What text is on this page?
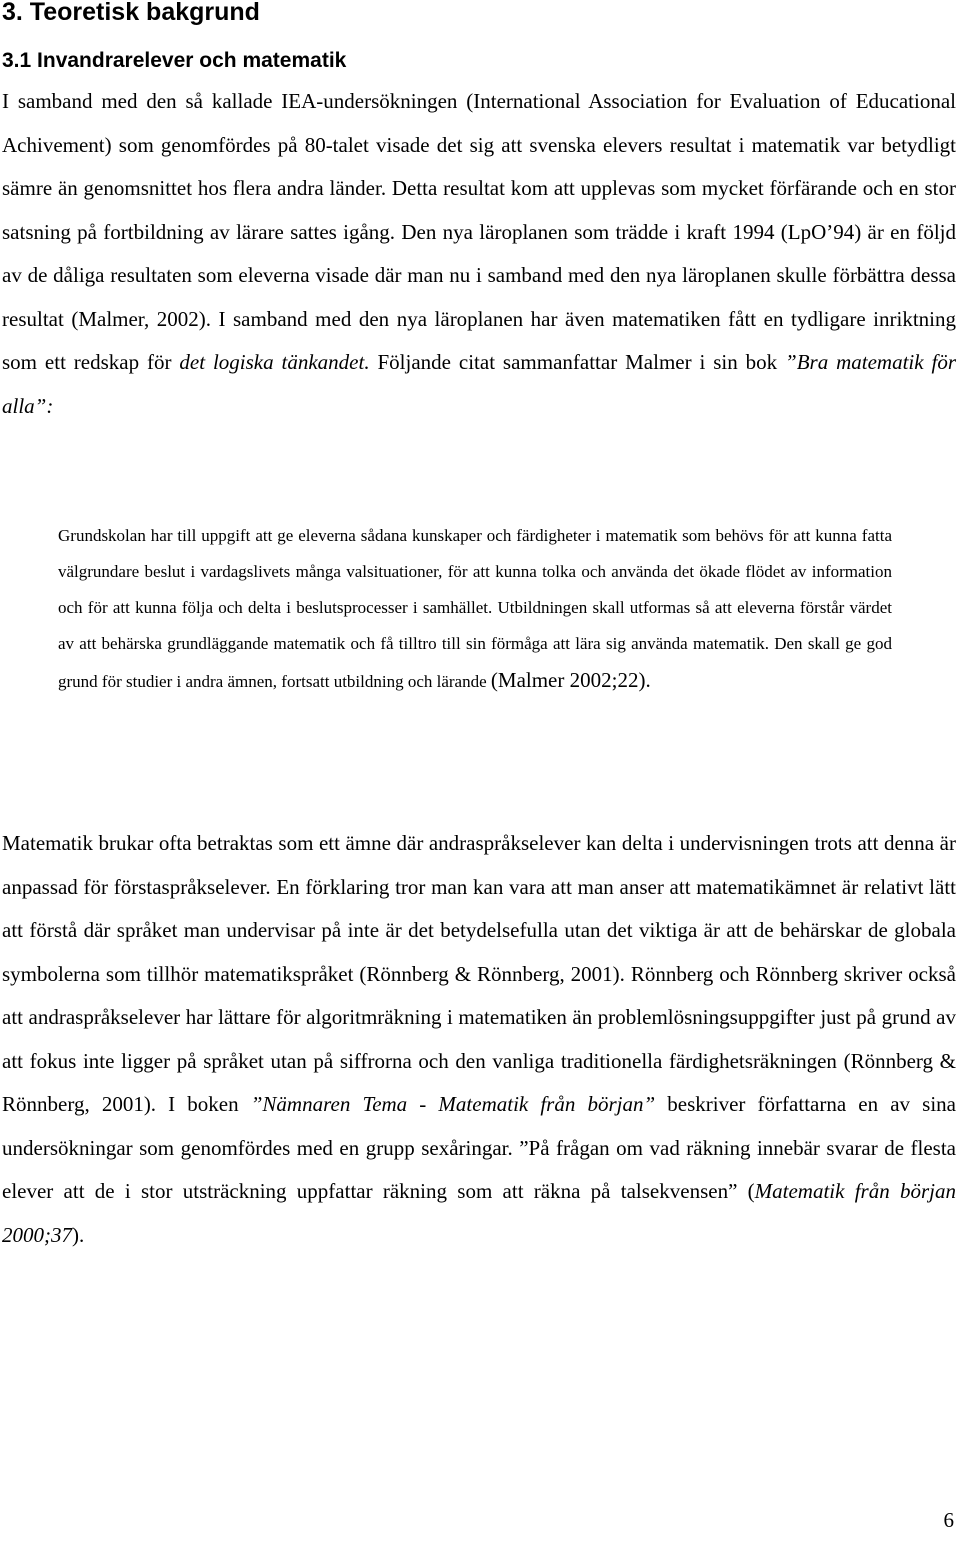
3. Teoretisk bakgrund
3.1 Invandrarelever och matematik
I samband med den så kallade IEA-undersökningen (International Association for Evaluation of Educational Achivement) som genomfördes på 80-talet visade det sig att svenska elevers resultat i matematik var betydligt sämre än genomsnittet hos flera andra länder. Detta resultat kom att upplevas som mycket förfärande och en stor satsning på fortbildning av lärare sattes igång. Den nya läroplanen som trädde i kraft 1994 (LpO’94) är en följd av de dåliga resultaten som eleverna visade där man nu i samband med den nya läroplanen skulle förbättra dessa resultat (Malmer, 2002). I samband med den nya läroplanen har även matematiken fått en tydligare inriktning som ett redskap för det logiska tänkandet. Följande citat sammanfattar Malmer i sin bok ”Bra matematik för alla”:
Grundskolan har till uppgift att ge eleverna sådana kunskaper och färdigheter i matematik som behövs för att kunna fatta välgrundare beslut i vardagslivets många valsituationer, för att kunna tolka och använda det ökade flödet av information och för att kunna följa och delta i beslutsprocesser i samhället. Utbildningen skall utformas så att eleverna förstår värdet av att behärska grundläggande matematik och få tilltro till sin förmåga att lära sig använda matematik. Den skall ge god grund för studier i andra ämnen, fortsatt utbildning och lärande (Malmer 2002;22).
Matematik brukar ofta betraktas som ett ämne där andraspråkselever kan delta i undervisningen trots att denna är anpassad för förstaspråkselever. En förklaring tror man kan vara att man anser att matematikämnet är relativt lätt att förstå där språket man undervisar på inte är det betydelsefulla utan det viktiga är att de behärskar de globala symbolerna som tillhör matematikspråket (Rönnberg & Rönnberg, 2001). Rönnberg och Rönnberg skriver också att andraspråkselever har lättare för algoritmräkning i matematiken än problemlösningsuppgifter just på grund av att fokus inte ligger på språket utan på siffrorna och den vanliga traditionella färdighetsräkningen (Rönnberg & Rönnberg, 2001). I boken ”Nämnaren Tema - Matematik från början” beskriver författarna en av sina undersökningar som genomfördes med en grupp sexåringar. ”På frågan om vad räkning innebär svarar de flesta elever att de i stor utsträckning uppfattar räkning som att räkna på talsekvensen” (Matematik från början 2000;37).
6
